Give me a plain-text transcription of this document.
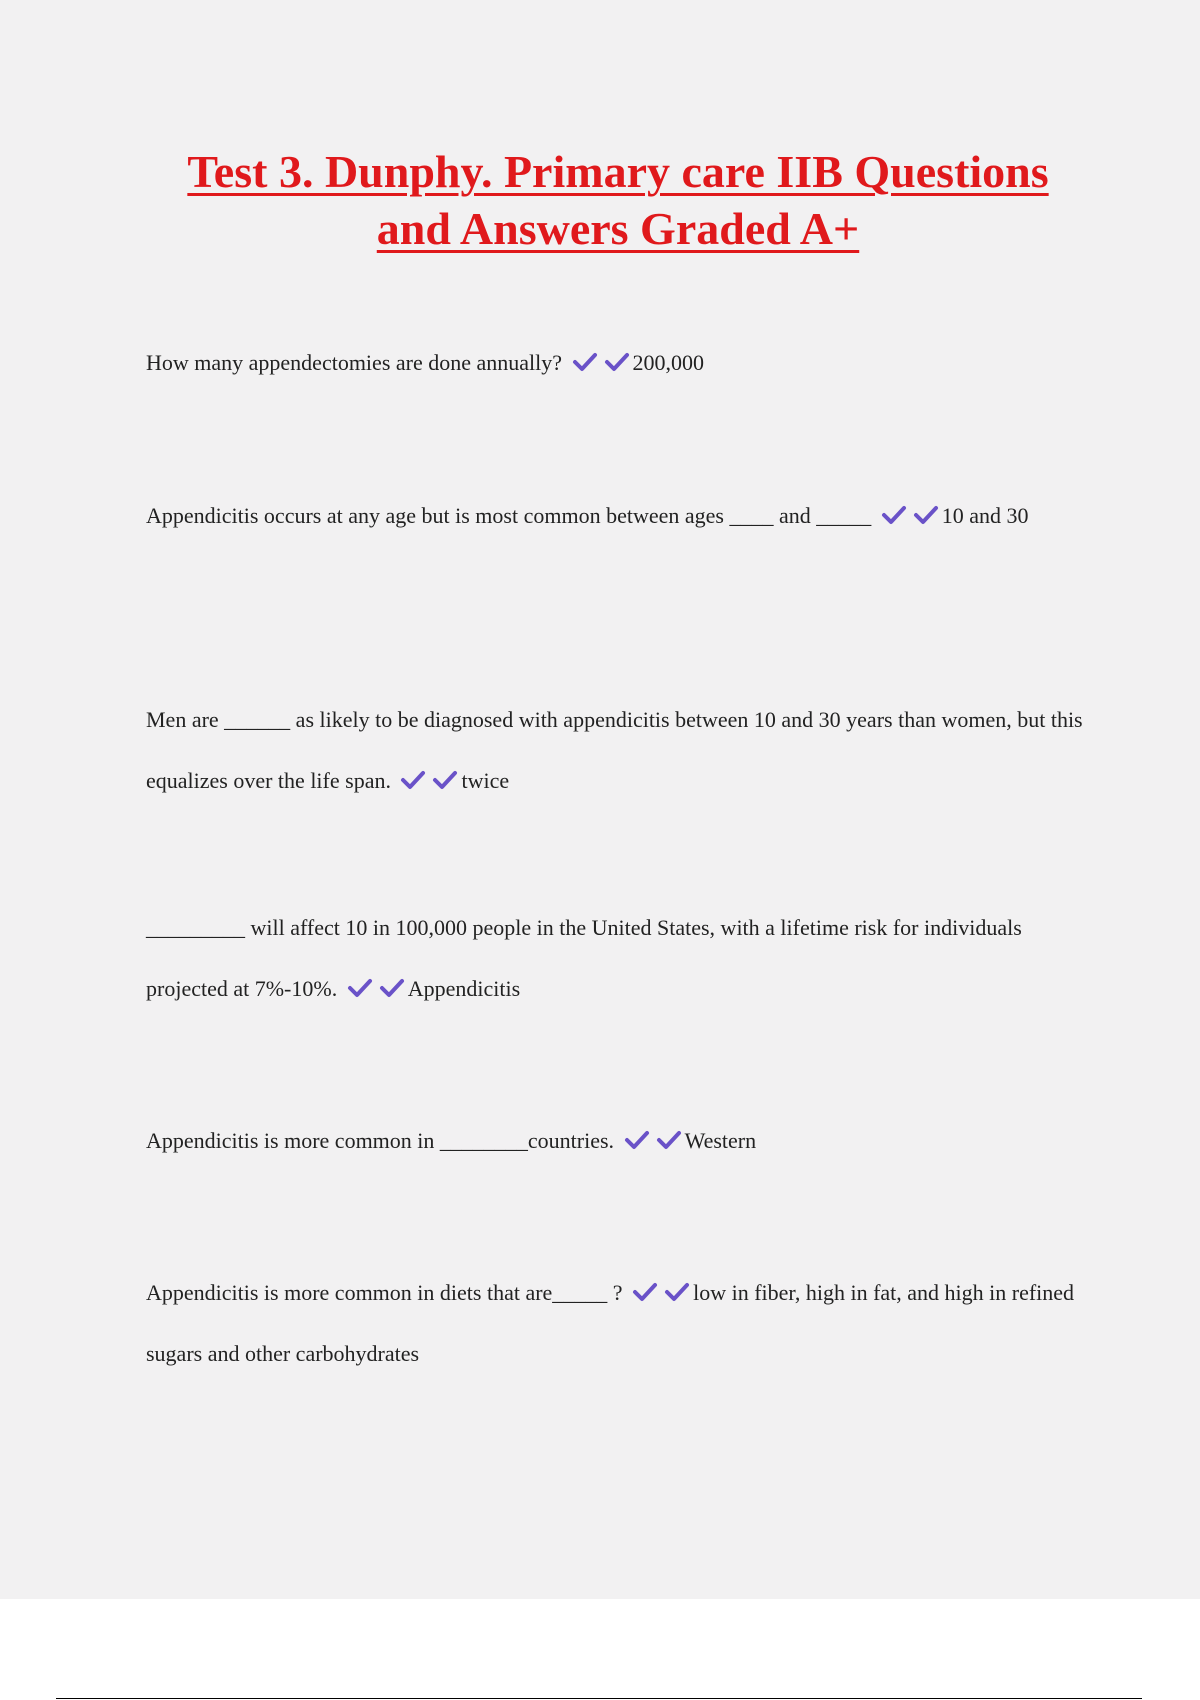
Test 3. Dunphy. Primary care IIB Questions
and Answers Graded A+
How many appendectomies are done annually?	200,000
Appendicitis occurs at any age but is most common between ages ____ and _____	10 and 30
Men are ______ as likely to be diagnosed with appendicitis between 10 and 30 years than women, but this equalizes over the life span.	twice
_________ will affect 10 in 100,000 people in the United States, with a lifetime risk for individuals projected at 7%-10%.	Appendicitis
Appendicitis is more common in ________countries.	Western
Appendicitis is more common in diets that are_____ ?	low in fiber, high in fat, and high in refined sugars and other carbohydrates
